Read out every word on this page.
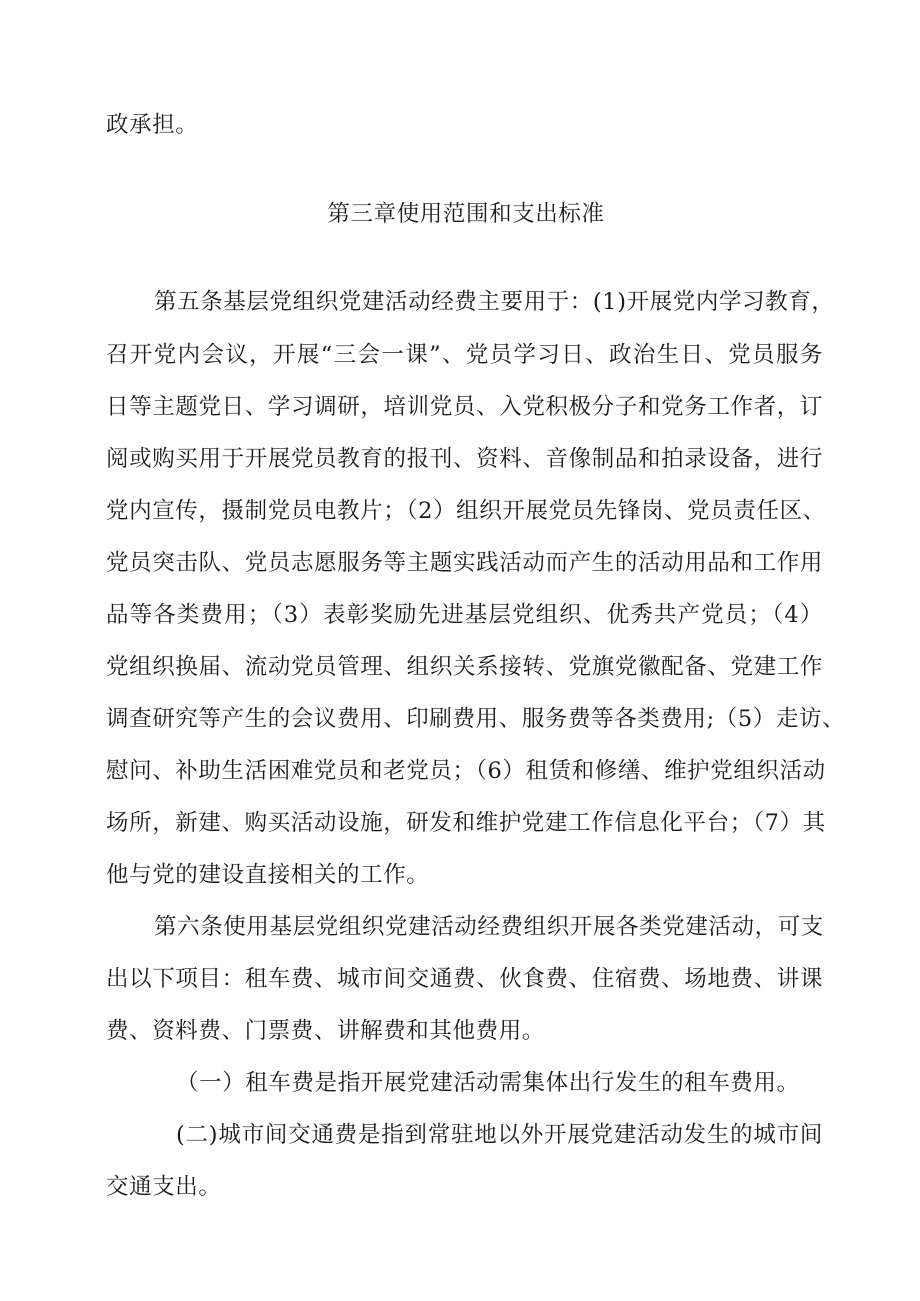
政承担。

第三章使用范围和支出标准

第五条基层党组织党建活动经费主要用于：(1)开展党内学习教育，

召开党内会议，开展“三会一课”、党员学习日、政治生日、党员服务

日等主题党日、学习调研，培训党员、入党积极分子和党务工作者，订

阅或购买用于开展党员教育的报刊、资料、音像制品和拍录设备，进行

党内宣传，摄制党员电教片；（2）组织开展党员先锋岗、党员责任区、

党员突击队、党员志愿服务等主题实践活动而产生的活动用品和工作用

品等各类费用；（3）表彰奖励先进基层党组织、优秀共产党员；（4）

党组织换届、流动党员管理、组织关系接转、党旗党徽配备、党建工作

调查研究等产生的会议费用、印刷费用、服务费等各类费用;（5）走访、

慰问、补助生活困难党员和老党员；（6）租赁和修缮、维护党组织活动

场所，新建、购买活动设施，研发和维护党建工作信息化平台；（7）其

他与党的建设直接相关的工作。

第六条使用基层党组织党建活动经费组织开展各类党建活动，可支

出以下项目：租车费、城市间交通费、伙食费、住宿费、场地费、讲课

费、资料费、门票费、讲解费和其他费用。

（一）租车费是指开展党建活动需集体出行发生的租车费用。

(二)城市间交通费是指到常驻地以外开展党建活动发生的城市间

交通支出。
